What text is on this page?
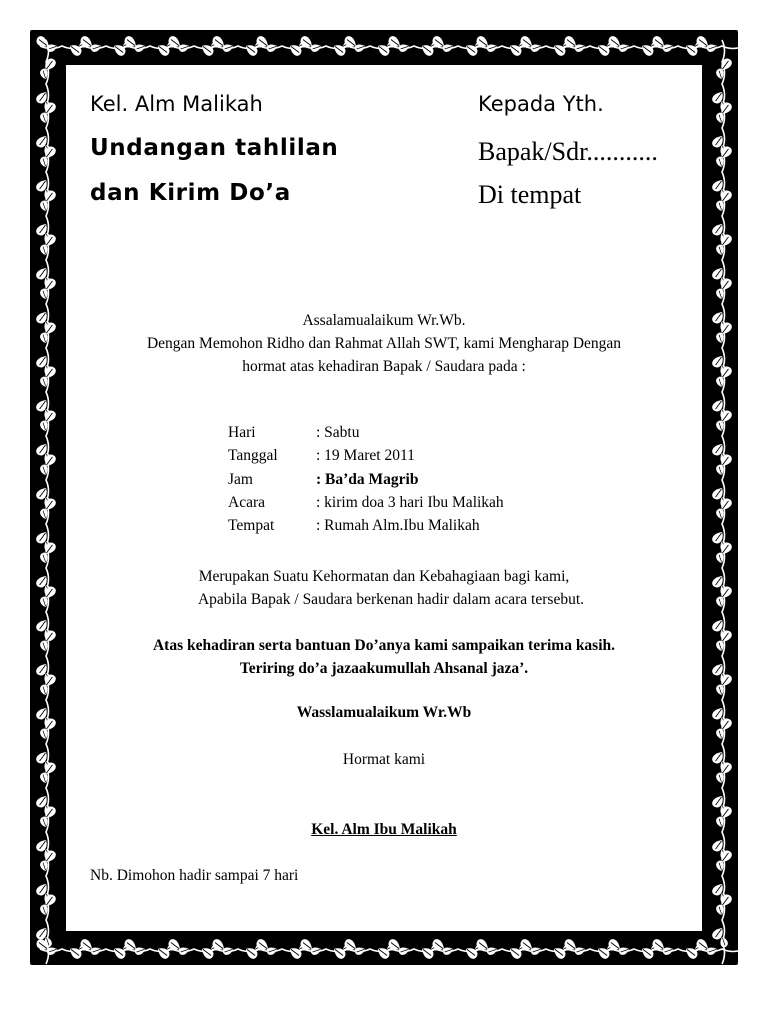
Kel. Alm Malikah

Undangan tahlilan

dan Kirim Do’a

Kepada Yth.

Bapak/Sdr...........

Di tempat

Assalamualaikum Wr.Wb.
Dengan Memohon Ridho dan Rahmat Allah SWT, kami Mengharap Dengan
hormat atas kehadiran Bapak / Saudara pada :
Hari	: Sabtu
Tanggal	: 19 Maret 2011
Jam	: Ba’da Magrib
Acara	: kirim doa 3 hari Ibu Malikah
Tempat	: Rumah Alm.Ibu Malikah
Merupakan Suatu Kehormatan dan Kebahagiaan bagi kami,
Apabila Bapak / Saudara berkenan hadir dalam acara tersebut.
Atas kehadiran serta bantuan Do’anya kami sampaikan terima kasih.
Teriring do’a jazaakumullah Ahsanal jaza’.
Wasslamualaikum Wr.Wb
Hormat kami
Kel. Alm Ibu Malikah

Nb. Dimohon hadir sampai 7 hari
